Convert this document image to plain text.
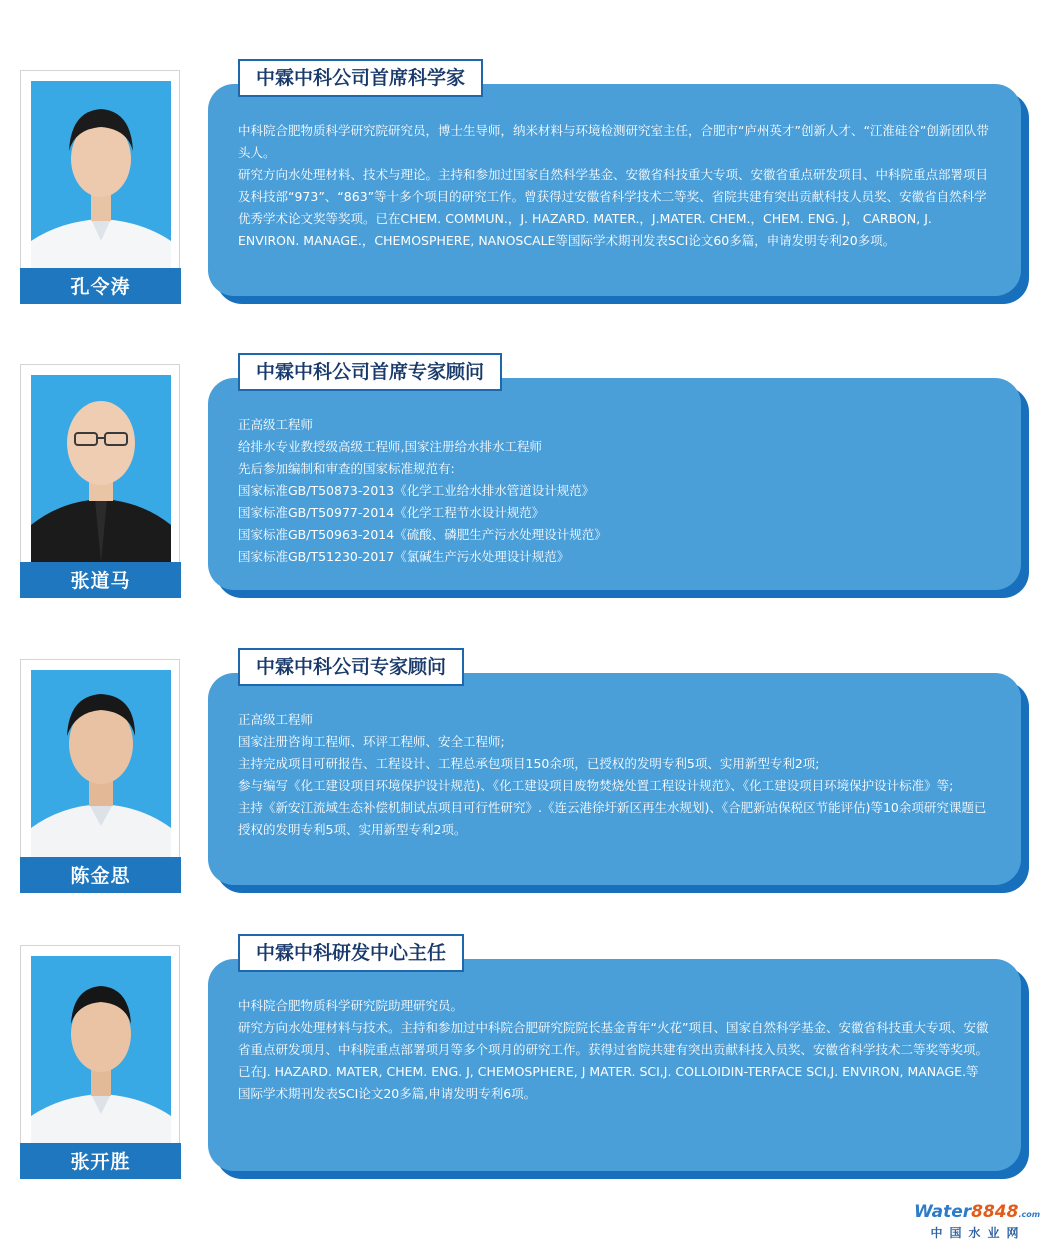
孔令涛

中科院合肥物质科学研究院研究员，博士生导师，纳米材料与环境检测研究室主任，合肥市“庐州英才”创新人才、“江淮硅谷”创新团队带头人。

研究方向水处理材料、技术与理论。主持和参加过国家自然科学基金、安徽省科技重大专项、安徽省重点研发项目、中科院重点部署项目及科技部“973”、“863”等十多个项目的研究工作。曾获得过安徽省科学技术二等奖、省院共建有突出贡献科技人员奖、安徽省自然科学优秀学术论文奖等奖项。已在CHEM. COMMUN.，J. HAZARD. MATER.，J.MATER. CHEM.，CHEM. ENG. J， CARBON, J. ENVIRON. MANAGE.，CHEMOSPHERE, NANOSCALE等国际学术期刊发表SCI论文60多篇，申请发明专利20多项。

中霖中科公司首席科学家
张道马

正高级工程师

给排水专业教授级高级工程师,国家注册给水排水工程师

先后参加编制和审查的国家标准规范有:

国家标准GB/T50873-2013《化学工业给水排水管道设计规范》

国家标准GB/T50977-2014《化学工程节水设计规范》

国家标准GB/T50963-2014《硫酸、磷肥生产污水处理设计规范》

国家标准GB/T51230-2017《氯碱生产污水处理设计规范》

中霖中科公司首席专家顾问
陈金思

正高级工程师

国家注册咨询工程师、环评工程师、安全工程师;

主持完成项目可研报告、工程设计、工程总承包项目150余项，已授权的发明专利5项、实用新型专利2项;

参与编写《化工建设项目环境保护设计规范)、《化工建设项目废物焚烧处置工程设计规范》、《化工建设项目环境保护设计标准》等;

主持《新安江流域生态补偿机制试点项目可行性研究》.《连云港徐圩新区再生水规划)、《合肥新站保税区节能评估)等10余项研究课题已授权的发明专利5项、实用新型专利2项。

中霖中科公司专家顾问
张开胜

中科院合肥物质科学研究院助理研究员。

研究方向水处理材料与技术。主持和参加过中科院合肥研究院院长基金青年“火花”项目、国家自然科学基金、安徽省科技重大专项、安徽省重点研发项月、中科院重点部署项月等多个项月的研究工作。获得过省院共建有突出贡献科技入员奖、安徽省科学技术二等奖等奖项。已在J. HAZARD. MATER, CHEM. ENG. J, CHEMOSPHERE, J MATER. SCI,J. COLLOIDIN-TERFACE SCI,J. ENVIRON, MANAGE.等国际学术期刊发表SCI论文20多篇,申请发明专利6项。

中霖中科研发中心主任
Water8848.com
中国水业网
